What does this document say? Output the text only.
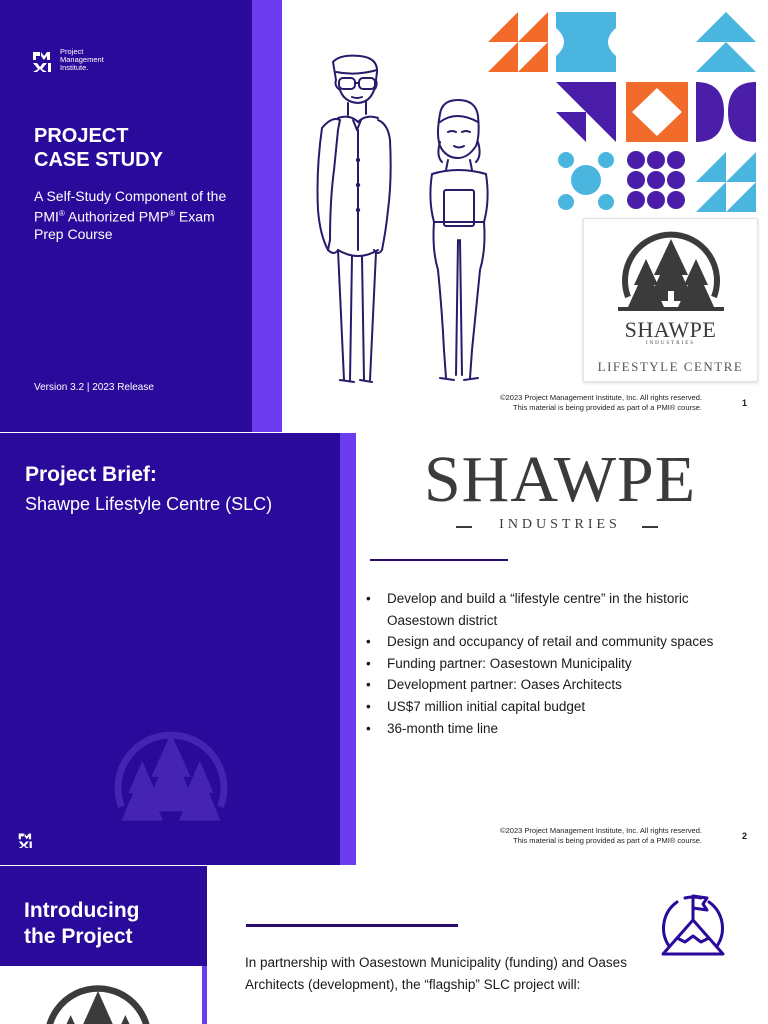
Project
Management
Institute.
PROJECT
CASE STUDY
A Self-Study Component of the
PMI® Authorized PMP® Exam
Prep Course
Version 3.2 | 2023 Release
SHAWPE
INDUSTRIES
LIFESTYLE CENTRE
©2023 Project Management Institute, Inc. All rights reserved.
This material is being provided as part of a PMI® course.	1
Project Brief:
Shawpe Lifestyle Centre (SLC)	SHAWPE
INDUSTRIES
• Develop and build a “lifestyle centre” in the historic Oasestown district
• Design and occupancy of retail and community spaces
• Funding partner: Oasestown Municipality
• Development partner: Oases Architects
• US$7 million initial capital budget
• 36-month time line
©2023 Project Management Institute, Inc. All rights reserved.
This material is being provided as part of a PMI® course.	2
Introducing
the Project
In partnership with Oasestown Municipality (funding) and Oases Architects (development), the “flagship” SLC project will:
